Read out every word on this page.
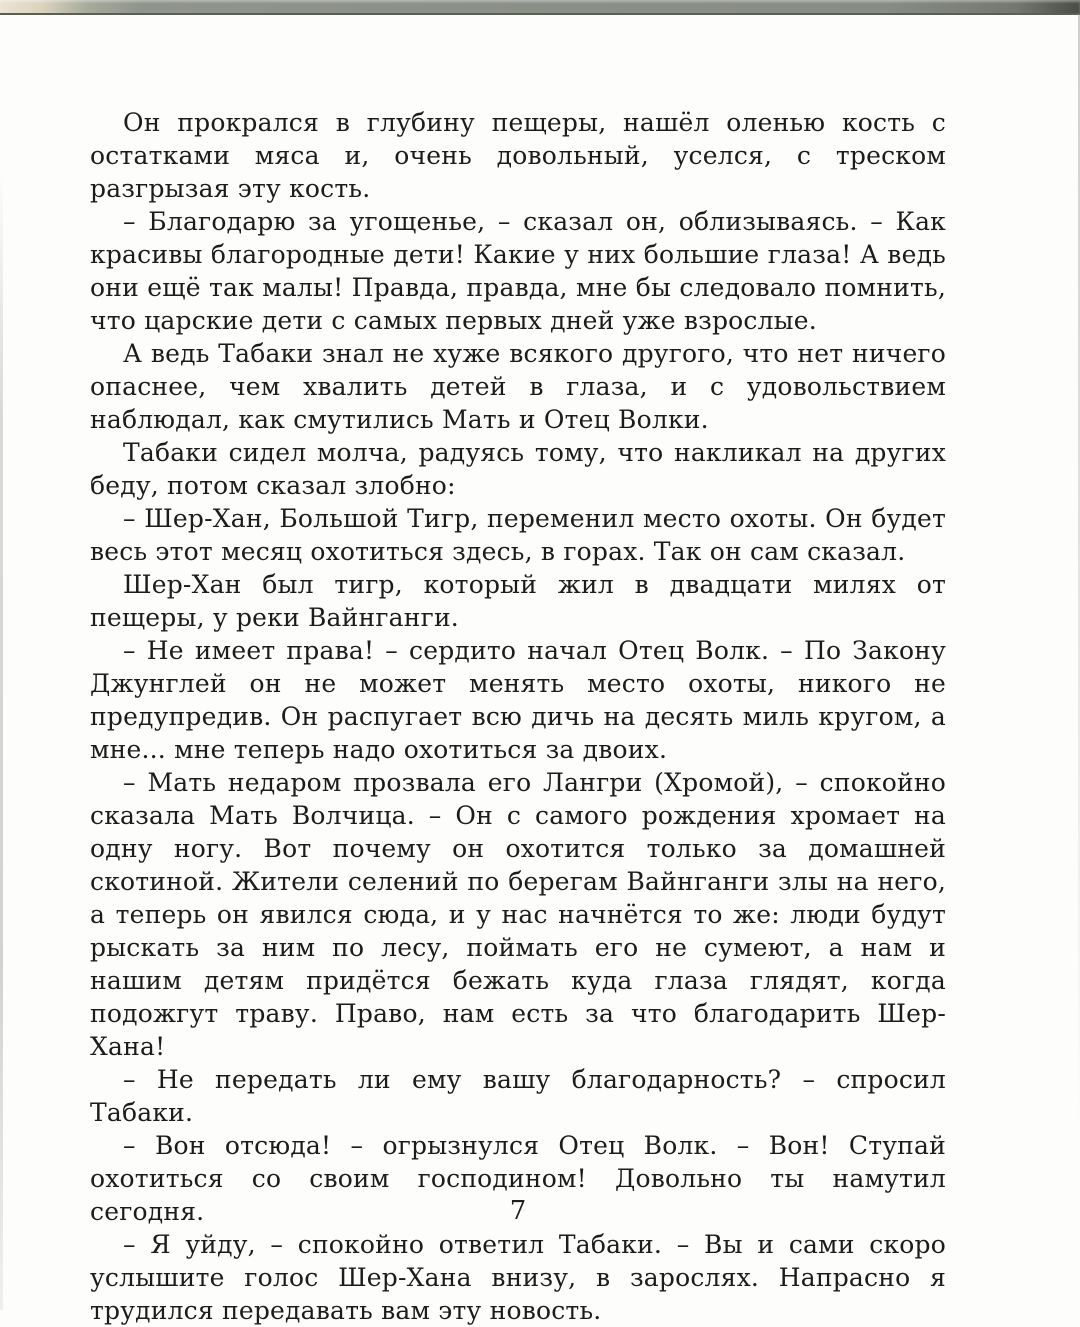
Он прокрался в глубину пещеры, нашёл оленью кость с остатками мяса и, очень довольный, уселся, с треском разгрызая эту кость.

– Благодарю за угощенье, – сказал он, облизываясь. – Как красивы благородные дети! Какие у них большие глаза! А ведь они ещё так малы! Правда, правда, мне бы следовало помнить, что царские дети с самых первых дней уже взрослые.

А ведь Табаки знал не хуже всякого другого, что нет ничего опаснее, чем хвалить детей в глаза, и с удовольствием наблюдал, как смутились Мать и Отец Волки.

Табаки сидел молча, радуясь тому, что накликал на других беду, потом сказал злобно:

– Шер-Хан, Большой Тигр, переменил место охоты. Он будет весь этот месяц охотиться здесь, в горах. Так он сам сказал.

Шер-Хан был тигр, который жил в двадцати милях от пещеры, у реки Вайнганги.

– Не имеет права! – сердито начал Отец Волк. – По Закону Джунглей он не может менять место охоты, никого не предупредив. Он распугает всю дичь на десять миль кругом, а мне... мне теперь надо охотиться за двоих.

– Мать недаром прозвала его Лангри (Хромой), – спокойно сказала Мать Волчица. – Он с самого рождения хромает на одну ногу. Вот почему он охотится только за домашней скотиной. Жители селений по берегам Вайнганги злы на него, а теперь он явился сюда, и у нас начнётся то же: люди будут рыскать за ним по лесу, поймать его не сумеют, а нам и нашим детям придётся бежать куда глаза глядят, когда подожгут траву. Право, нам есть за что благодарить Шер-Хана!

– Не передать ли ему вашу благодарность? – спросил Табаки.

– Вон отсюда! – огрызнулся Отец Волк. – Вон! Ступай охотиться со своим господином! Довольно ты намутил сегодня.

– Я уйду, – спокойно ответил Табаки. – Вы и сами скоро услышите голос Шер-Хана внизу, в зарослях. Напрасно я трудился передавать вам эту новость.

7
